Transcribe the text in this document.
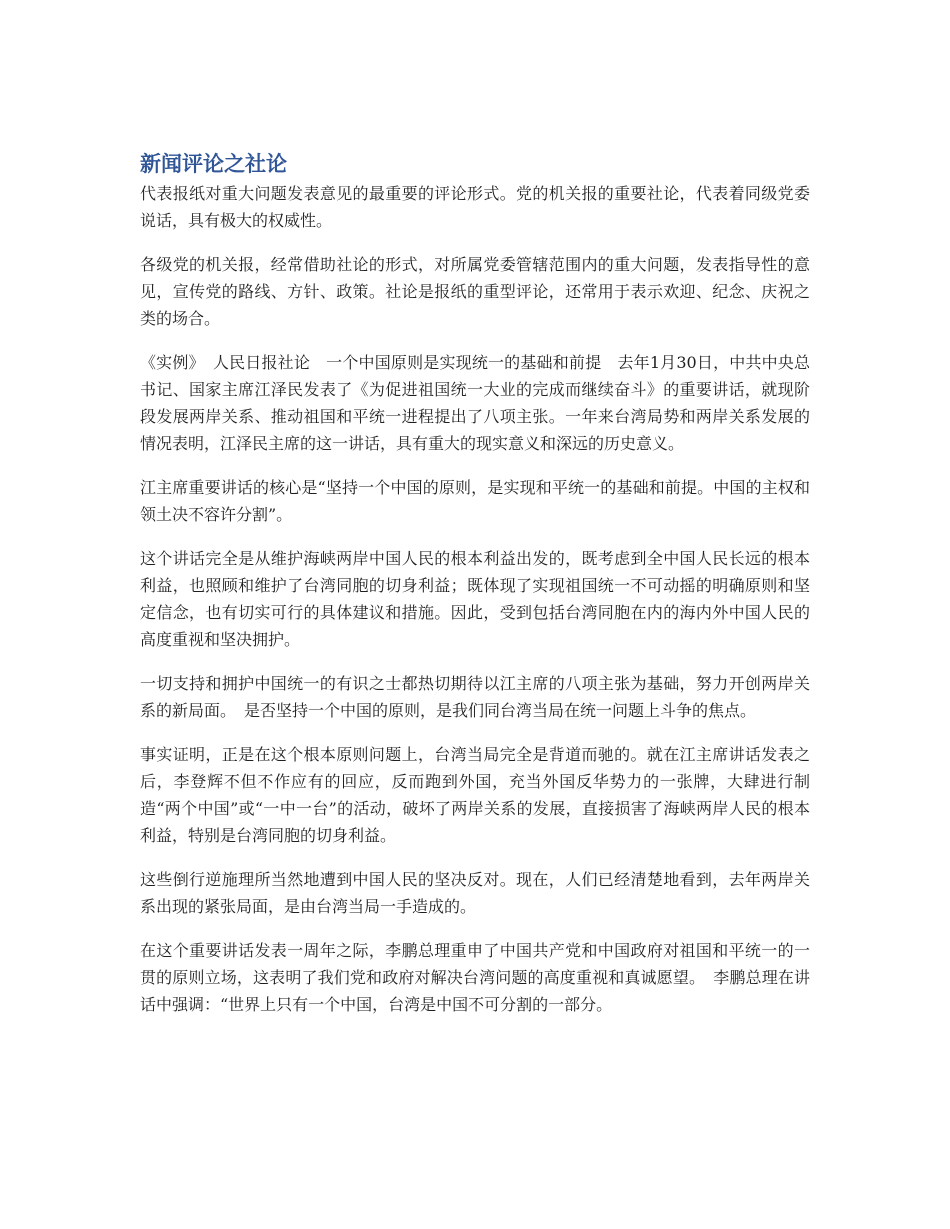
新闻评论之社论

代表报纸对重大问题发表意见的最重要的评论形式。党的机关报的重要社论，代表着同级党委说话，具有极大的权威性。

各级党的机关报，经常借助社论的形式，对所属党委管辖范围内的重大问题，发表指导性的意见，宣传党的路线、方针、政策。社论是报纸的重型评论，还常用于表示欢迎、纪念、庆祝之类的场合。

《实例》　人民日报社论　一个中国原则是实现统一的基础和前提　去年1月30日，中共中央总书记、国家主席江泽民发表了《为促进祖国统一大业的完成而继续奋斗》的重要讲话，就现阶段发展两岸关系、推动祖国和平统一进程提出了八项主张。一年来台湾局势和两岸关系发展的情况表明，江泽民主席的这一讲话，具有重大的现实意义和深远的历史意义。

江主席重要讲话的核心是“坚持一个中国的原则，是实现和平统一的基础和前提。中国的主权和领土决不容许分割”。

这个讲话完全是从维护海峡两岸中国人民的根本利益出发的，既考虑到全中国人民长远的根本利益，也照顾和维护了台湾同胞的切身利益；既体现了实现祖国统一不可动摇的明确原则和坚定信念，也有切实可行的具体建议和措施。因此，受到包括台湾同胞在内的海内外中国人民的高度重视和坚决拥护。

一切支持和拥护中国统一的有识之士都热切期待以江主席的八项主张为基础，努力开创两岸关系的新局面。　是否坚持一个中国的原则，是我们同台湾当局在统一问题上斗争的焦点。

事实证明，正是在这个根本原则问题上，台湾当局完全是背道而驰的。就在江主席讲话发表之后，李登辉不但不作应有的回应，反而跑到外国，充当外国反华势力的一张牌，大肆进行制造“两个中国”或“一中一台”的活动，破坏了两岸关系的发展，直接损害了海峡两岸人民的根本利益，特别是台湾同胞的切身利益。

这些倒行逆施理所当然地遭到中国人民的坚决反对。现在，人们已经清楚地看到，去年两岸关系出现的紧张局面，是由台湾当局一手造成的。

在这个重要讲话发表一周年之际，李鹏总理重申了中国共产党和中国政府对祖国和平统一的一贯的原则立场，这表明了我们党和政府对解决台湾问题的高度重视和真诚愿望。　李鹏总理在讲话中强调：“世界上只有一个中国，台湾是中国不可分割的一部分。
